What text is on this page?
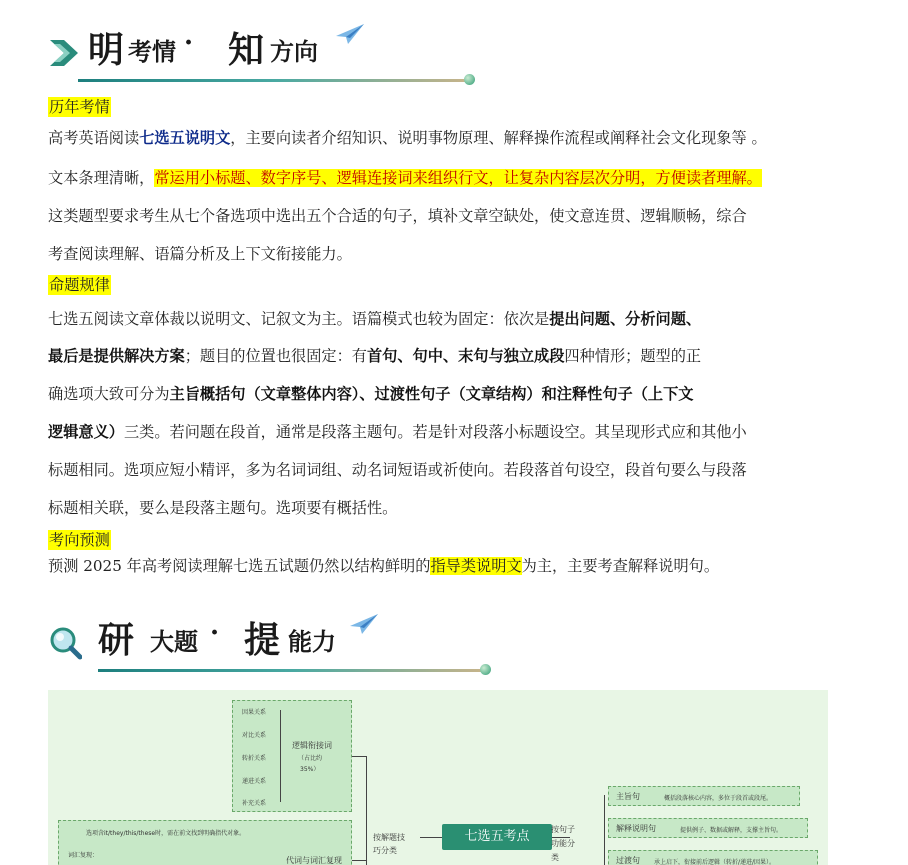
明 考情 · 知 方向
历年考情
高考英语阅读七选五说明文，主要向读者介绍知识、说明事物原理、解释操作流程或阐释社会文化现象等 。
文本条理清晰，常运用小标题、数字序号、逻辑连接词来组织行文，让复杂内容层次分明，方便读者理解。
这类题型要求考生从七个备选项中选出五个合适的句子，填补文章空缺处，使文意连贯、逻辑顺畅，综合
考查阅读理解、语篇分析及上下文衔接能力。
命题规律
七选五阅读文章体裁以说明文、记叙文为主。语篇模式也较为固定：依次是提出问题、分析问题、
最后是提供解决方案；题目的位置也很固定：有首句、句中、末句与独立成段四种情形；题型的正
确选项大致可分为主旨概括句（文章整体内容）、过渡性句子（文章结构）和注释性句子（上下文
逻辑意义）三类。若问题在段首，通常是段落主题句。若是针对段落小标题设空。其呈现形式应和其他小
标题相同。选项应短小精评，多为名词词组、动名词短语或祈使向。若段落首句设空，段首句要么与段落
标题相关联，要么是段落主题句。选项要有概括性。
考向预测
预测 2025 年高考阅读理解七选五试题仍然以结构鲜明的指导类说明文为主，主要考查解释说明句。
研 大题 · 提 能力
因果关系
对比关系
转折关系
递进关系
补充关系
逻辑衔接词
（占比约
35%）
选项含it/they/this/these时，需在前文找到明确指代对象。
词汇复现：
代词与词汇复现
按解题技
巧分类
七选五考点	按句子
功能分
类
主旨句	概括段落核心内容，多位于段首或段尾。
解释说明句	提供例子、数据或解释，支撑主旨句。
过渡句 承上启下，衔接前后逻辑（转折/递进/因果）。
